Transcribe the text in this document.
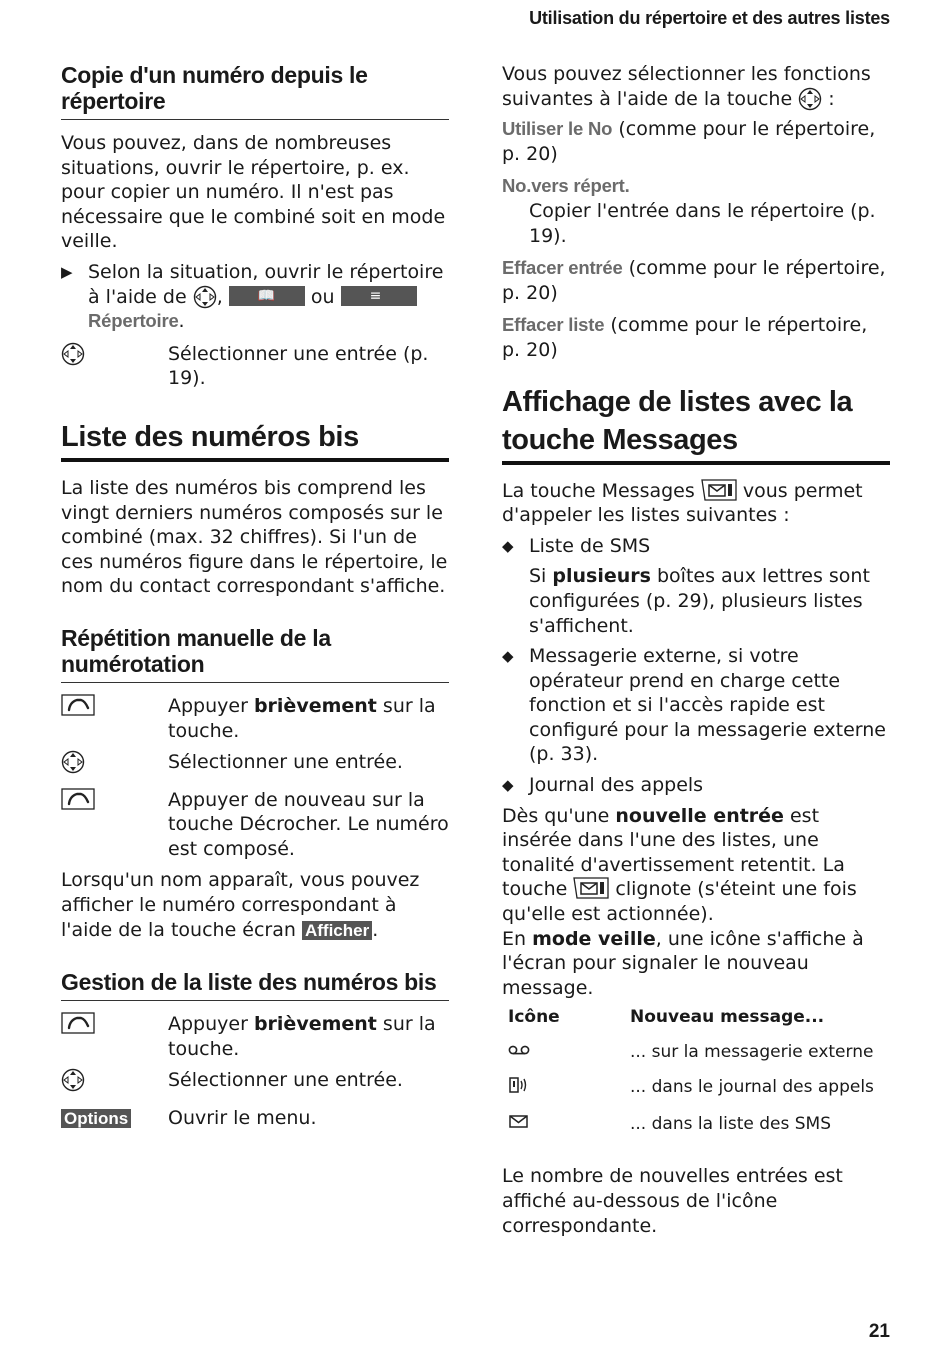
Utilisation du répertoire et des autres listes
Copie d'un numéro depuis le répertoire

Vous pouvez, dans de nombreuses situations, ouvrir le répertoire, p. ex. pour copier un numéro. Il n'est pas nécessaire que le combiné soit en mode veille.

▶ Selon la situation, ouvrir le répertoire à l'aide de ,	📖 ou	≡
Répertoire.
Sélectionner une entrée (p. 19).
Liste des numéros bis

La liste des numéros bis comprend les vingt derniers numéros composés sur le combiné (max. 32 chiffres). Si l'un de ces numéros figure dans le répertoire, le nom du contact correspondant s'affiche.

Répétition manuelle de la numérotation
Appuyer brièvement sur la touche.
Sélectionner une entrée.
Appuyer de nouveau sur la touche Décrocher. Le numéro est composé.

Lorsqu'un nom apparaît, vous pouvez afficher le numéro correspondant à l'aide de la touche écran Afficher .

Gestion de la liste des numéros bis
Appuyer brièvement sur la touche.
Sélectionner une entrée.
Options	Ouvrir le menu.

Vous pouvez sélectionner les fonctions suivantes à l'aide de la touche :

Utiliser le No (comme pour le répertoire, p. 20)

No.vers répert.

Copier l'entrée dans le répertoire (p. 19).

Effacer entrée (comme pour le répertoire, p. 20)

Effacer liste (comme pour le répertoire, p. 20)

Affichage de listes avec la touche Messages

La touche Messages	vous permet d'appeler les listes suivantes :

◆ Liste de SMS

Si plusieurs boîtes aux lettres sont configurées (p. 29), plusieurs listes s'affichent.

◆ Messagerie externe, si votre opérateur prend en charge cette fonction et si l'accès rapide est configuré pour la messagerie externe (p. 33).
◆ Journal des appels

Dès qu'une nouvelle entrée est insérée dans l'une des listes, une tonalité d'avertissement retentit. La touche	clignote (s'éteint une fois qu'elle est actionnée).

En mode veille, une icône s'affiche à l'écran pour signaler le nouveau message.

Icône	Nouveau message...
	... sur la messagerie externe
	... dans le journal des appels
	... dans la liste des SMS

Le nombre de nouvelles entrées est affiché au-dessous de l'icône correspondante.

21
